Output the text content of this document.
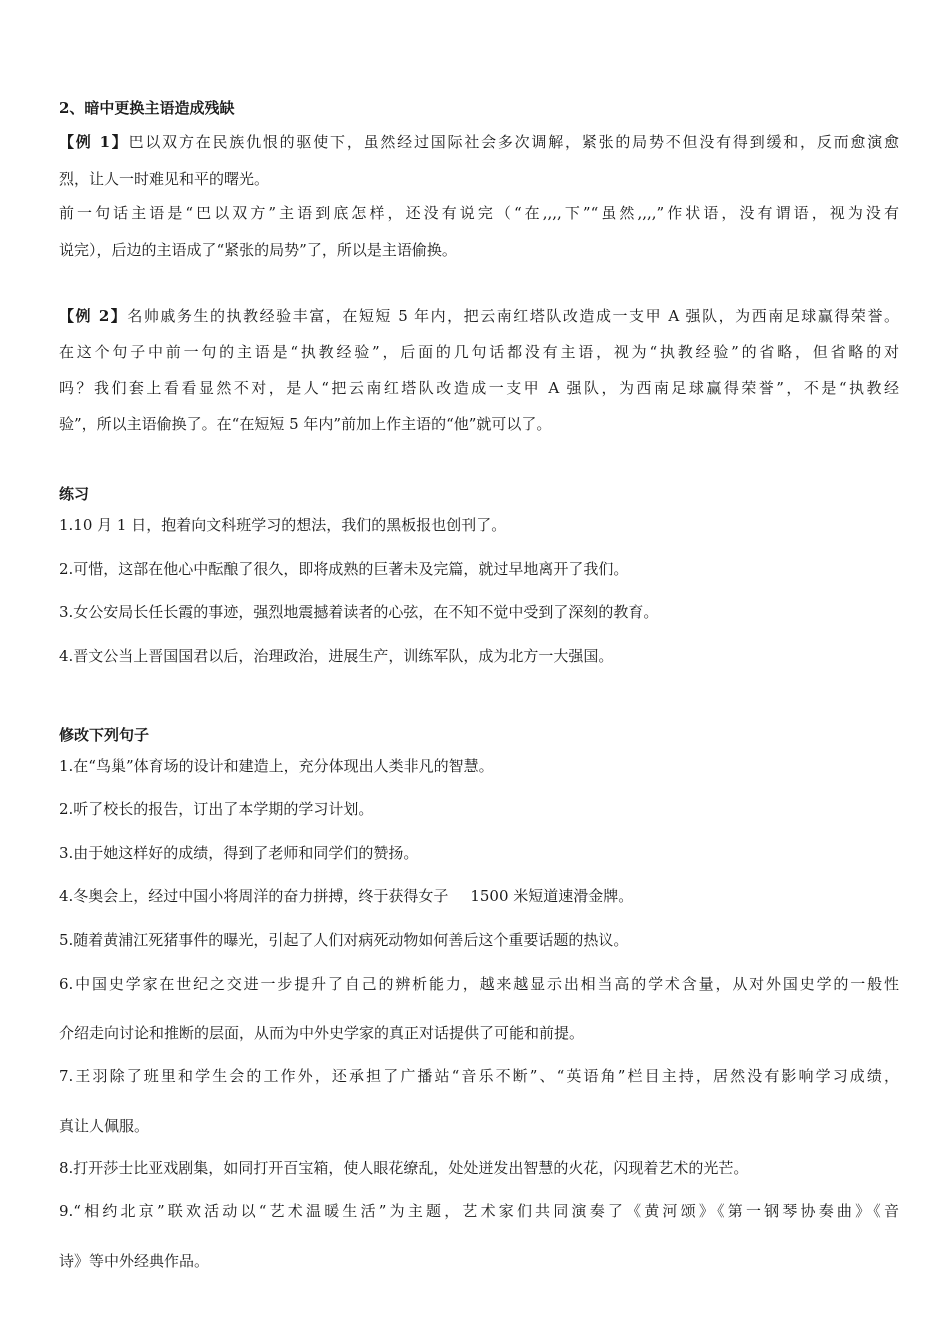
2、暗中更换主语造成残缺
【例 1】巴以双方在民族仇恨的驱使下，虽然经过国际社会多次调解，紧张的局势不但没有得到缓和，反而愈演愈
烈，让人一时难见和平的曙光。
前一句话主语是“巴以双方”主语到底怎样，还没有说完（“在,,,,下”“虽然,,,,”作状语，没有谓语，视为没有
说完），后边的主语成了“紧张的局势”了，所以是主语偷换。
【例 2】名帅戚务生的执教经验丰富，在短短 5 年内，把云南红塔队改造成一支甲 A 强队，为西南足球赢得荣誉。
在这个句子中前一句的主语是“执教经验”，后面的几句话都没有主语，视为“执教经验”的省略，但省略的对
吗？我们套上看看显然不对，是人“把云南红塔队改造成一支甲 A 强队，为西南足球赢得荣誉”，不是“执教经
验”，所以主语偷换了。在“在短短 5 年内”前加上作主语的“他”就可以了。
练习
1.10 月 1 日，抱着向文科班学习的想法，我们的黑板报也创刊了。
2.可惜，这部在他心中酝酿了很久，即将成熟的巨著未及完篇，就过早地离开了我们。
3.女公安局长任长霞的事迹，强烈地震撼着读者的心弦，在不知不觉中受到了深刻的教育。
4.晋文公当上晋国国君以后，治理政治，进展生产，训练军队，成为北方一大强国。
修改下列句子
1.在“鸟巢”体育场的设计和建造上，充分体现出人类非凡的智慧。
2.听了校长的报告，订出了本学期的学习计划。
3.由于她这样好的成绩，得到了老师和同学们的赞扬。
4.冬奥会上，经过中国小将周洋的奋力拼搏，终于获得女子 1500 米短道速滑金牌。
5.随着黄浦江死猪事件的曝光，引起了人们对病死动物如何善后这个重要话题的热议。
6.中国史学家在世纪之交进一步提升了自己的辨析能力，越来越显示出相当高的学术含量，从对外国史学的一般性
介绍走向讨论和推断的层面，从而为中外史学家的真正对话提供了可能和前提。
7.王羽除了班里和学生会的工作外，还承担了广播站“音乐不断”、“英语角”栏目主持，居然没有影响学习成绩，
真让人佩服。
8.打开莎士比亚戏剧集，如同打开百宝箱，使人眼花缭乱，处处迸发出智慧的火花，闪现着艺术的光芒。
9.“相约北京”联欢活动以“艺术温暖生活”为主题，艺术家们共同演奏了《黄河颂》《第一钢琴协奏曲》《音
诗》等中外经典作品。
